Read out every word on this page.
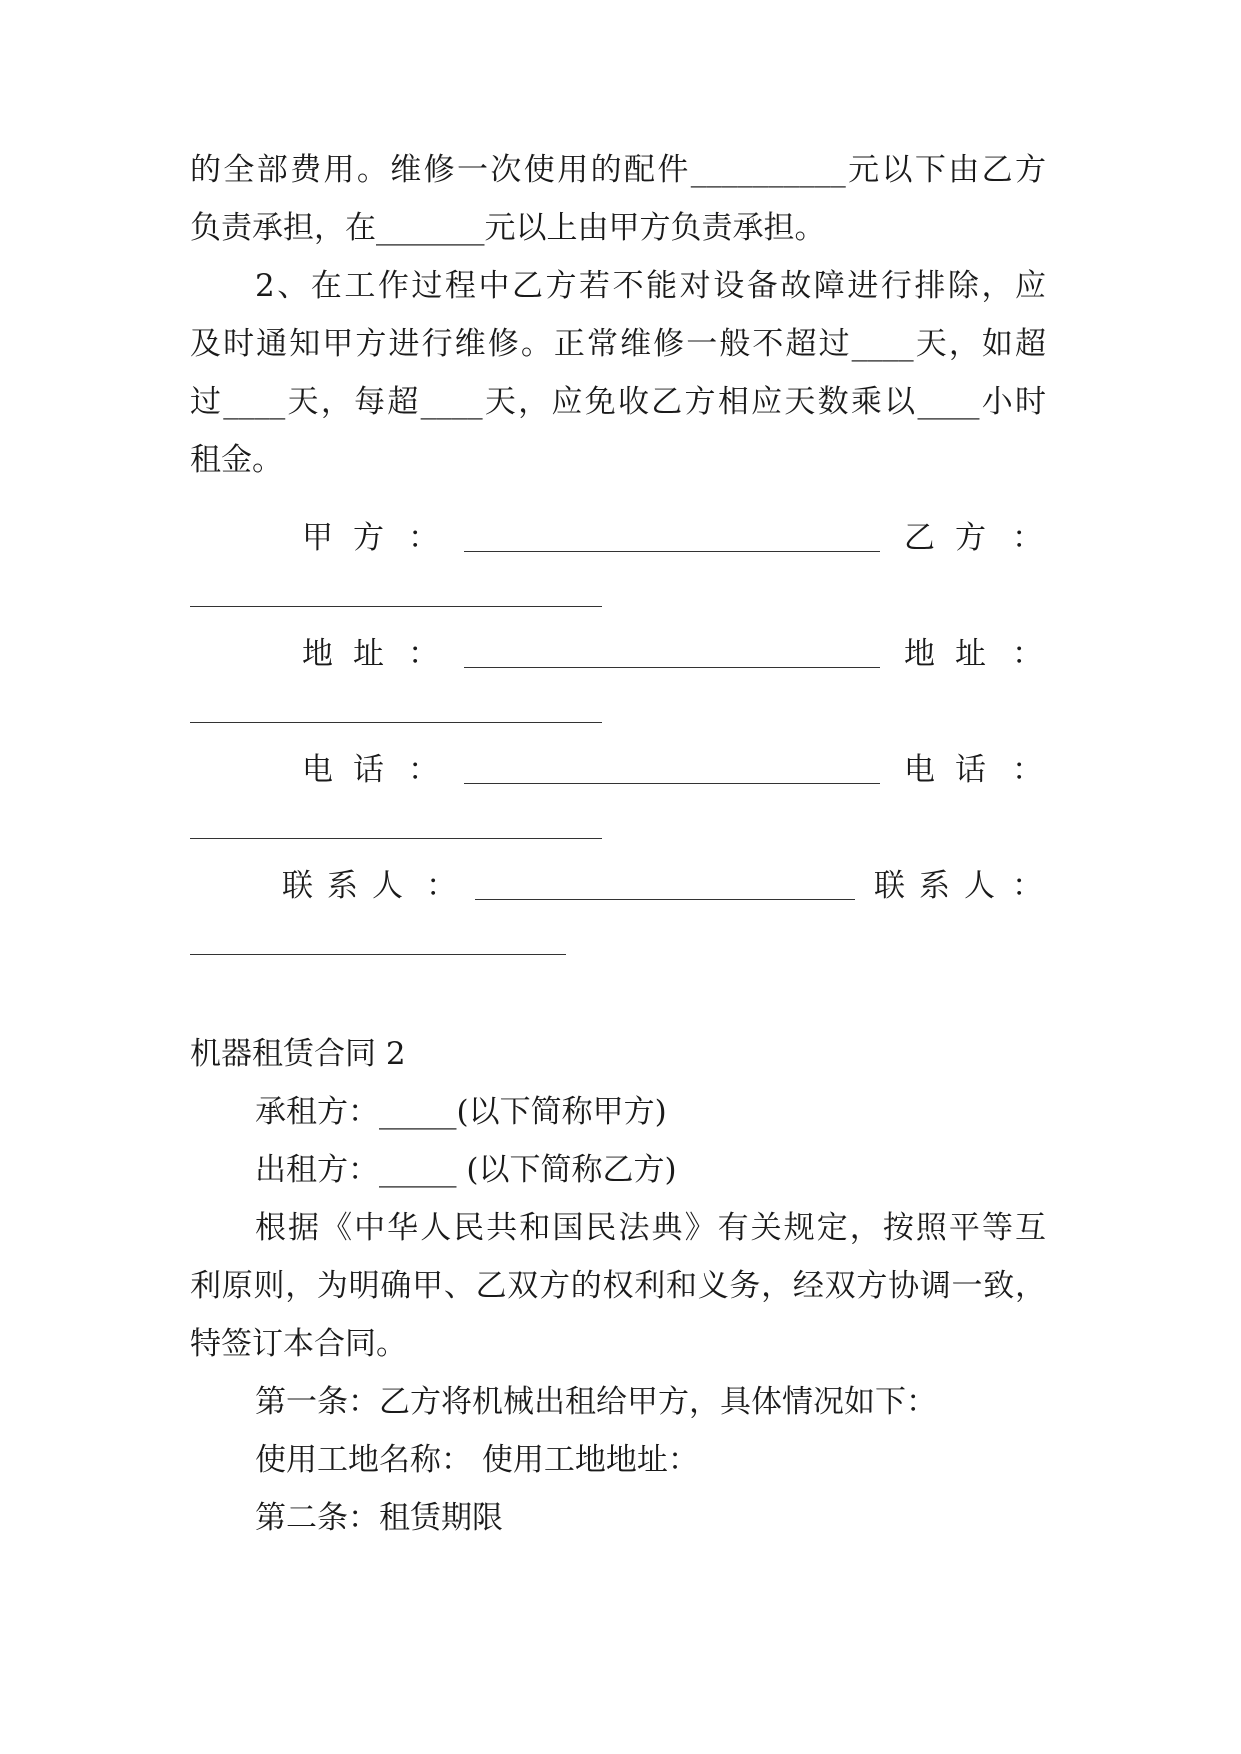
的全部费用。维修一次使用的配件__________元以下由乙方
负责承担，在_______元以上由甲方负责承担。
2、在工作过程中乙方若不能对设备故障进行排除，应
及时通知甲方进行维修。正常维修一般不超过____天，如超
过____天，每超____天，应免收乙方相应天数乘以____小时
租金。
甲方 ：	乙方 ：
地址 ：	地址 ：
电话 ：	电话 ：
联系人 ：	联系人 ：
机器租赁合同 2
承租方：_____(以下简称甲方)
出租方：_____ (以下简称乙方)
根据《中华人民共和国民法典》有关规定，按照平等互
利原则，为明确甲、乙双方的权利和义务，经双方协调一致，
特签订本合同。
第一条：乙方将机械出租给甲方，具体情况如下：
使用工地名称： 使用工地地址：
第二条：租赁期限
